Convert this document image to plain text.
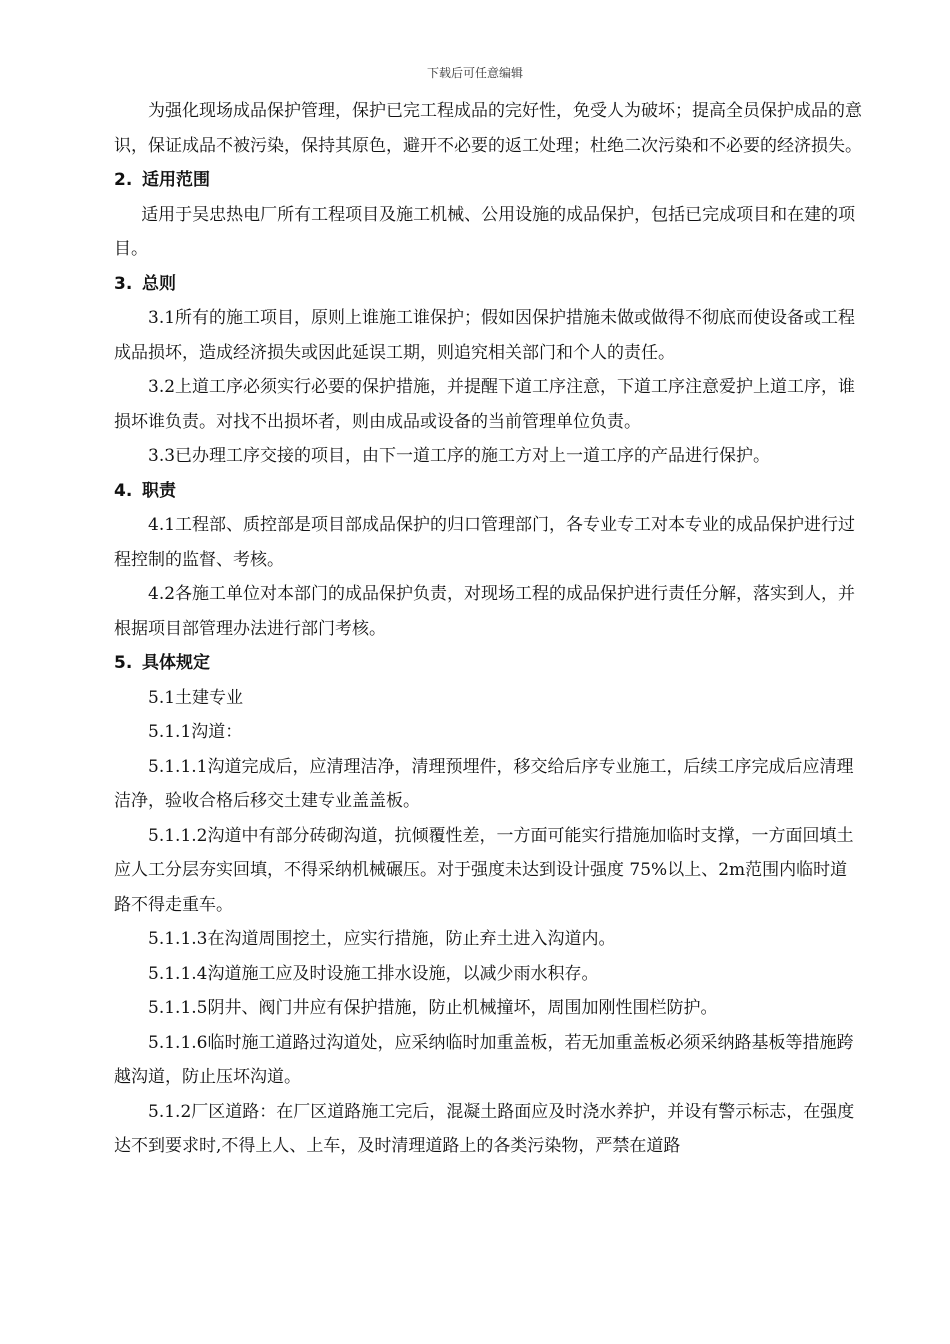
下载后可任意编辑

为强化现场成品保护管理，保护已完工程成品的完好性，免受人为破坏；提高全员保护成品的意识，保证成品不被污染，保持其原色，避开不必要的返工处理；杜绝二次污染和不必要的经济损失。

2. 适用范围

适用于吴忠热电厂所有工程项目及施工机械、公用设施的成品保护，包括已完成项目和在建的项目。

3. 总则

3.1所有的施工项目，原则上谁施工谁保护；假如因保护措施未做或做得不彻底而使设备或工程成品损坏，造成经济损失或因此延误工期，则追究相关部门和个人的责任。

3.2上道工序必须实行必要的保护措施，并提醒下道工序注意，下道工序注意爱护上道工序，谁损坏谁负责。对找不出损坏者，则由成品或设备的当前管理单位负责。

3.3已办理工序交接的项目，由下一道工序的施工方对上一道工序的产品进行保护。

4. 职责

4.1工程部、质控部是项目部成品保护的归口管理部门，各专业专工对本专业的成品保护进行过程控制的监督、考核。

4.2各施工单位对本部门的成品保护负责，对现场工程的成品保护进行责任分解，落实到人，并根据项目部管理办法进行部门考核。

5. 具体规定

5.1土建专业

5.1.1沟道：

5.1.1.1沟道完成后，应清理洁净，清理预埋件，移交给后序专业施工，后续工序完成后应清理洁净，验收合格后移交土建专业盖盖板。

5.1.1.2沟道中有部分砖砌沟道，抗倾覆性差，一方面可能实行措施加临时支撑，一方面回填土应人工分层夯实回填，不得采纳机械碾压。对于强度未达到设计强度 75%以上、2m范围内临时道路不得走重车。

5.1.1.3在沟道周围挖土，应实行措施，防止弃土进入沟道内。

5.1.1.4沟道施工应及时设施工排水设施，以减少雨水积存。

5.1.1.5阴井、阀门井应有保护措施，防止机械撞坏，周围加刚性围栏防护。

5.1.1.6临时施工道路过沟道处，应采纳临时加重盖板，若无加重盖板必须采纳路基板等措施跨越沟道，防止压坏沟道。

5.1.2厂区道路：在厂区道路施工完后，混凝土路面应及时浇水养护，并设有警示标志，在强度达不到要求时,不得上人、上车，及时清理道路上的各类污染物，严禁在道路
